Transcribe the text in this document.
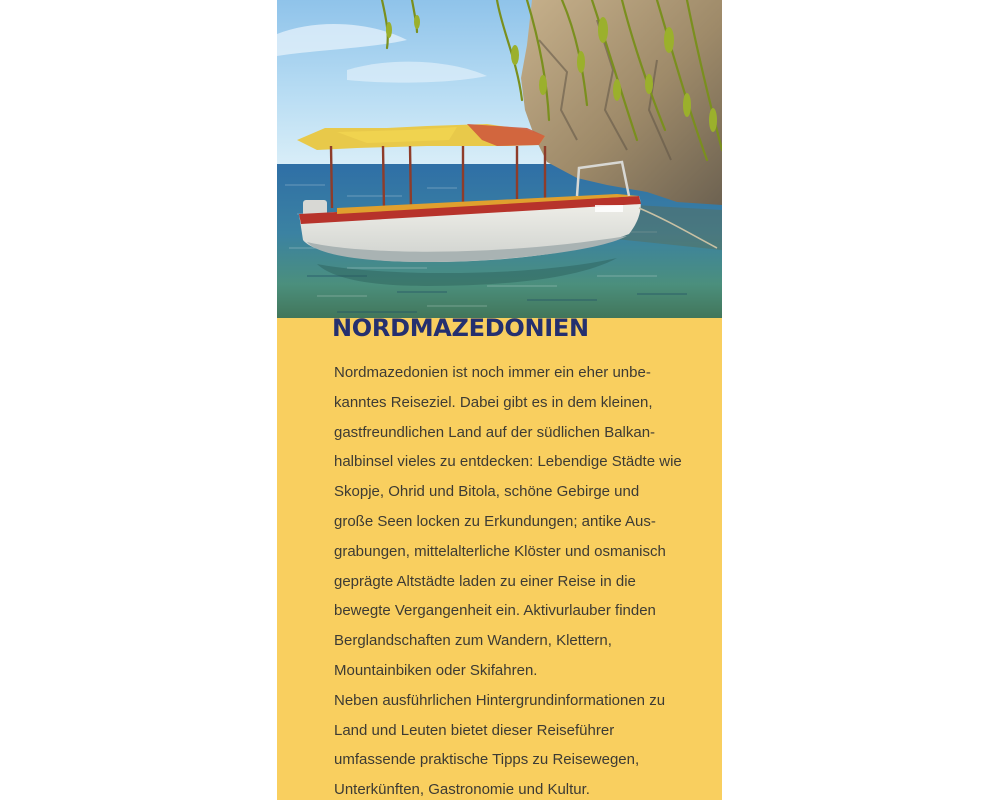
NORDMAZEDONIEN
Nordmazedonien ist noch immer ein eher unbe-
kanntes Reiseziel. Dabei gibt es in dem kleinen,
gastfreundlichen Land auf der südlichen Balkan-
halbinsel vieles zu entdecken: Lebendige Städte wie
Skopje, Ohrid und Bitola, schöne Gebirge und
große Seen locken zu Erkundungen; antike Aus-
grabungen, mittelalterliche Klöster und osmanisch
geprägte Altstädte laden zu einer Reise in die
bewegte Vergangenheit ein. Aktivurlauber finden
Berglandschaften zum Wandern, Klettern,
Mountainbiken oder Skifahren.
Neben ausführlichen Hintergrundinformationen zu
Land und Leuten bietet dieser Reiseführer
umfassende praktische Tipps zu Reisewegen,
Unterkünften, Gastronomie und Kultur.
